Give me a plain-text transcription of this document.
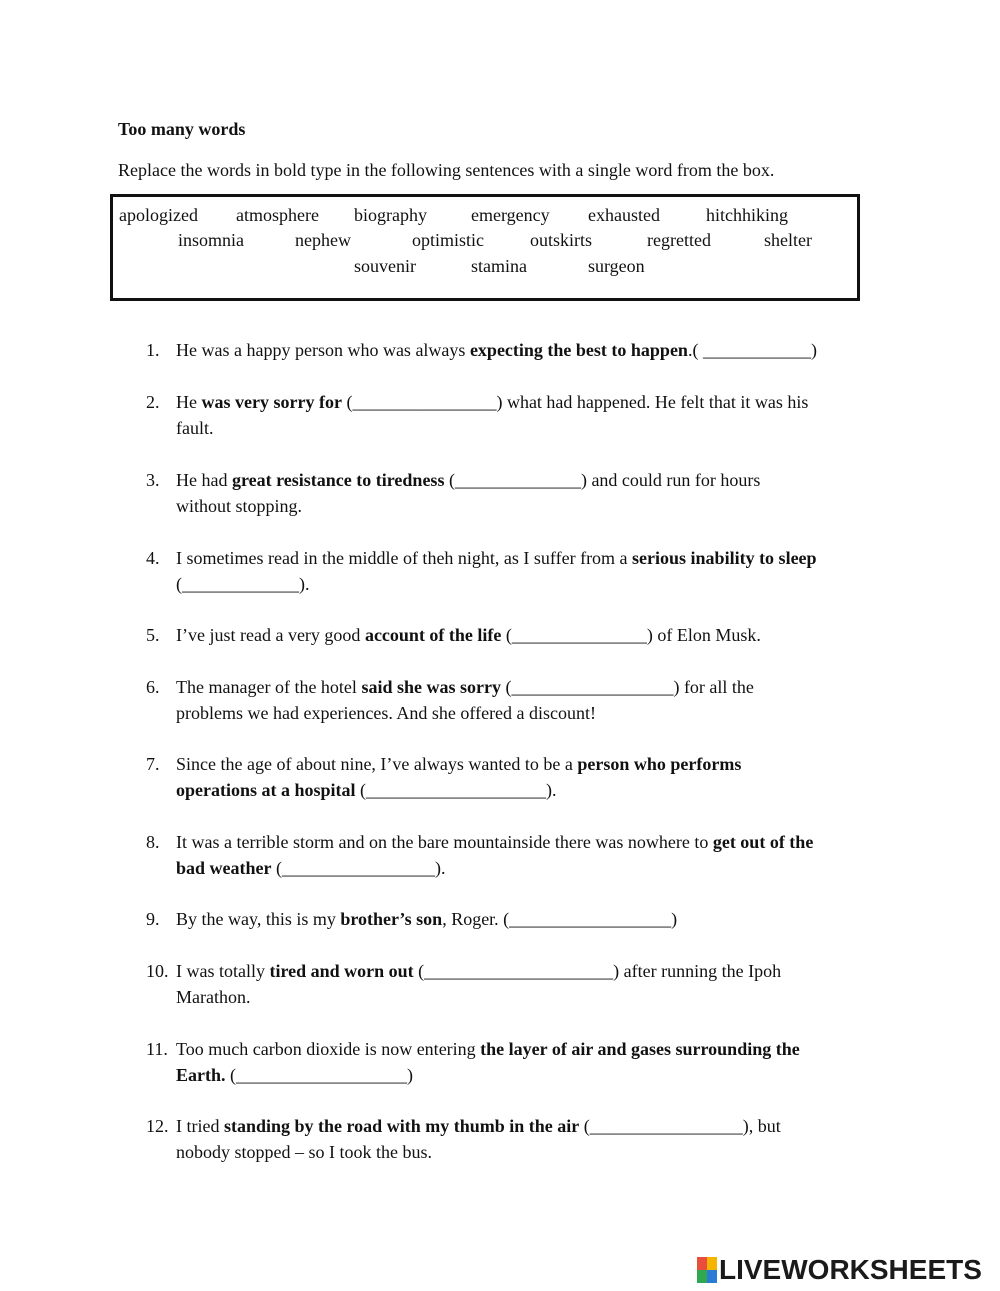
Too many words
Replace the words in bold type in the following sentences with a single word from the box.
apologized atmosphere biography emergency exhausted	hitchhiking
insomnia	nephew	optimistic	outskirts	regretted	shelter
souvenir	stamina	surgeon
1. He was a happy person who was always expecting the best to happen.( ____________)
2. He was very sorry for (________________) what had happened. He felt that it was his
fault.
3. He had great resistance to tiredness (______________) and could run for hours
without stopping.
4. I sometimes read in the middle of theh night, as I suffer from a serious inability to sleep
(_____________).
5. I’ve just read a very good account of the life (_______________) of Elon Musk.
6. The manager of the hotel said she was sorry (__________________) for all the
problems we had experiences. And she offered a discount!
7. Since the age of about nine, I’ve always wanted to be a person who performs
operations at a hospital (____________________).
8. It was a terrible storm and on the bare mountainside there was nowhere to get out of the
bad weather (_________________).
9. By the way, this is my brother’s son, Roger. (__________________)
10. I was totally tired and worn out (_____________________) after running the Ipoh
Marathon.
11. Too much carbon dioxide is now entering the layer of air and gases surrounding the
Earth. (___________________)
12. I tried standing by the road with my thumb in the air (_________________), but
nobody stopped – so I took the bus.
LIVEWORKSHEETS
